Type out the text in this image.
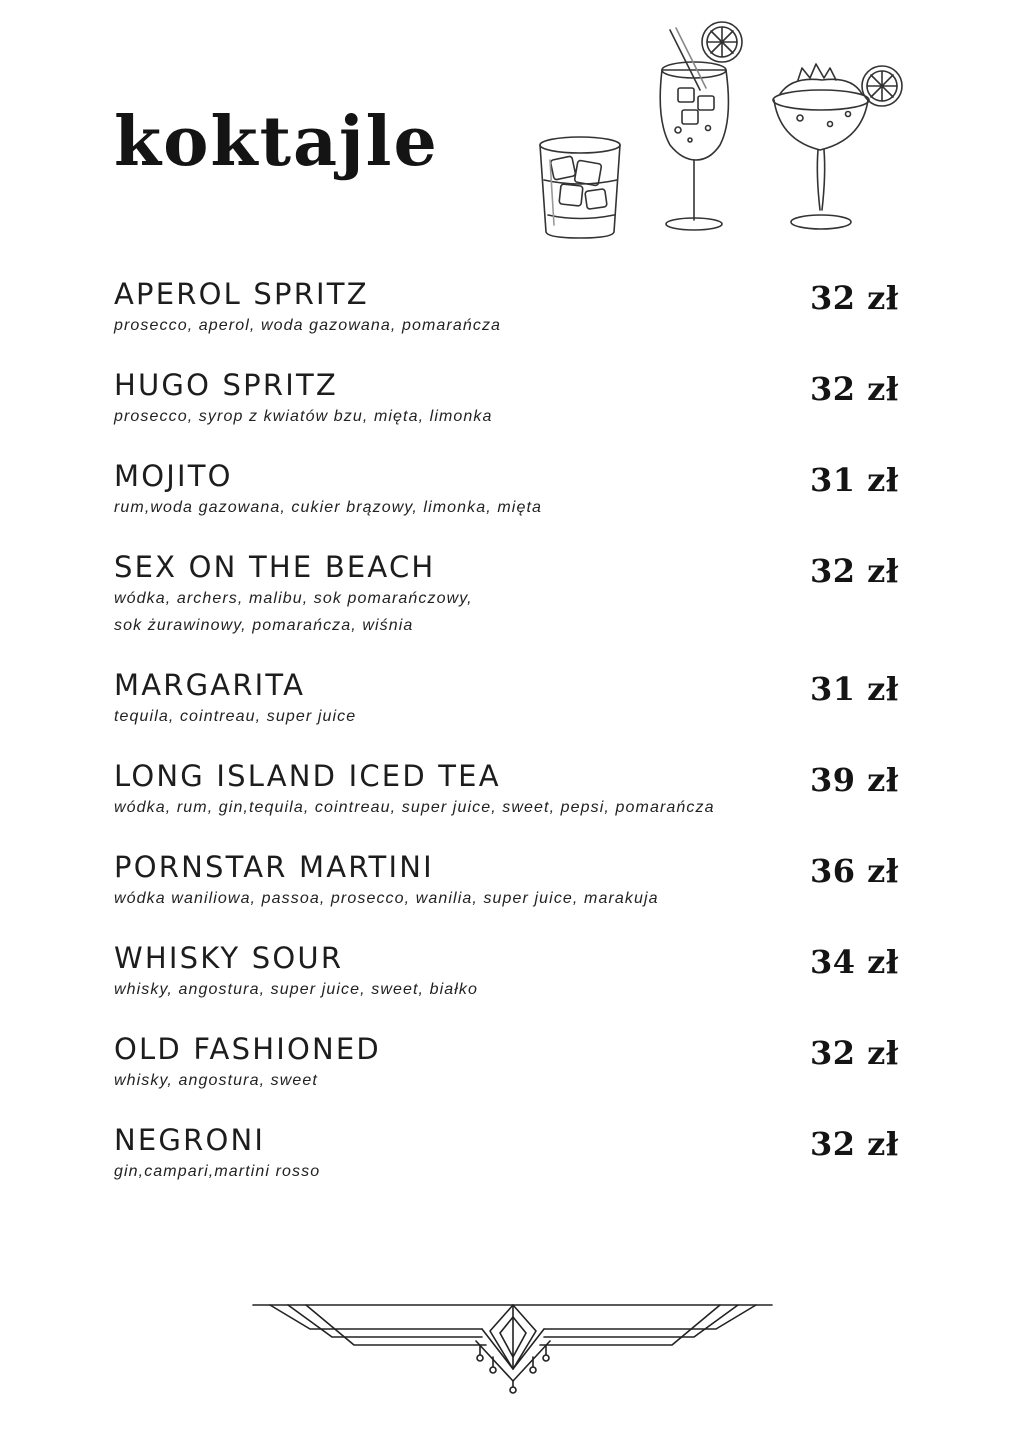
koktajle
APEROL SPRITZ
prosecco, aperol, woda gazowana, pomarańcza
32 zł
HUGO SPRITZ
prosecco, syrop z kwiatów bzu, mięta, limonka
32 zł
MOJITO
rum,woda gazowana, cukier brązowy, limonka, mięta
31 zł
SEX ON THE BEACH
wódka, archers, malibu, sok pomarańczowy,
sok żurawinowy, pomarańcza, wiśnia
32 zł
MARGARITA
tequila, cointreau, super juice
31 zł
LONG ISLAND ICED TEA
wódka, rum, gin,tequila, cointreau, super juice, sweet, pepsi, pomarańcza
39 zł
PORNSTAR MARTINI
wódka waniliowa, passoa, prosecco, wanilia, super juice, marakuja
36 zł
WHISKY SOUR
whisky, angostura, super juice, sweet, białko
34 zł
OLD FASHIONED
whisky, angostura, sweet
32 zł
NEGRONI
gin,campari,martini rosso
32 zł
